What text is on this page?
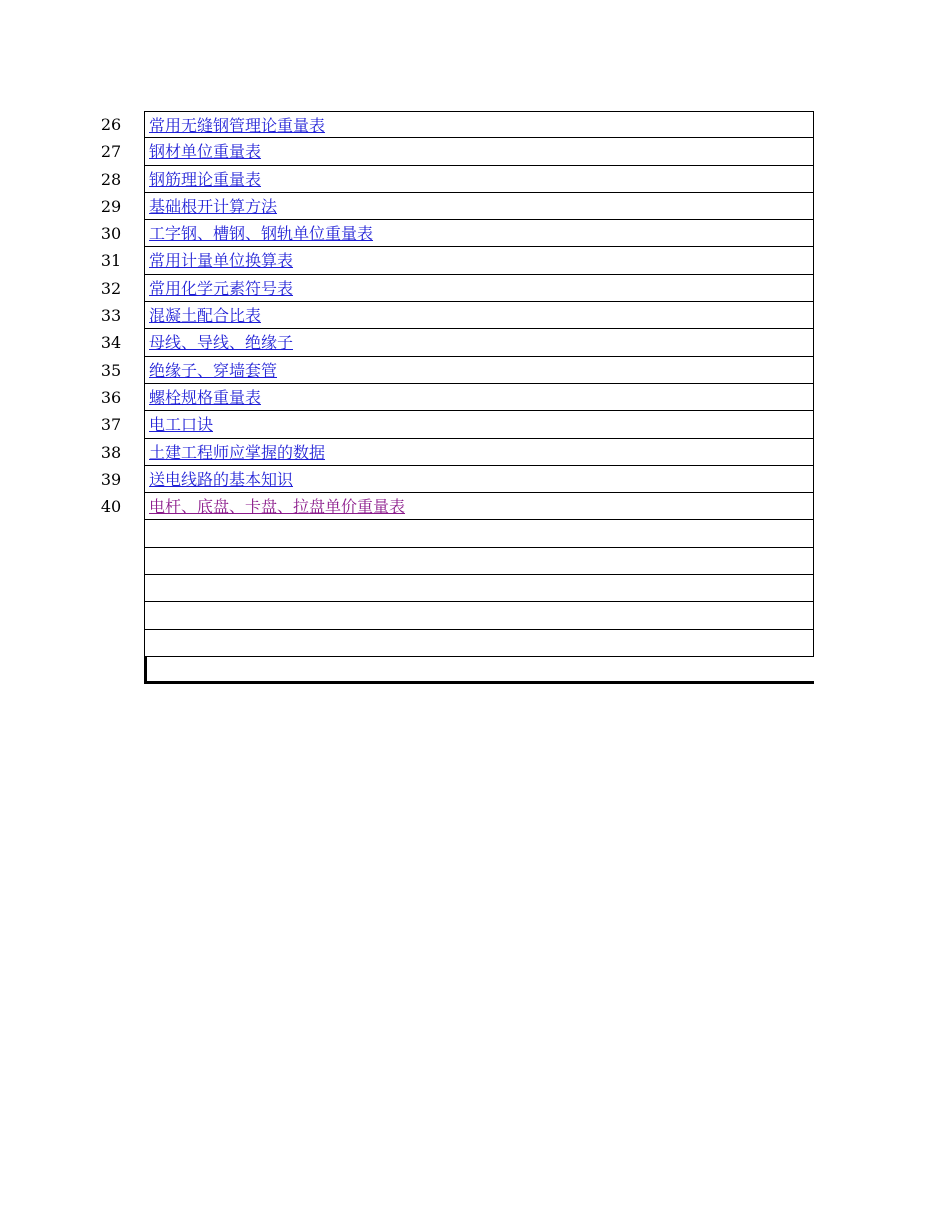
26	常用无缝钢管理论重量表
27	钢材单位重量表
28	钢筋理论重量表
29	基础根开计算方法
30	工字钢、槽钢、钢轨单位重量表
31	常用计量单位换算表
32	常用化学元素符号表
33	混凝土配合比表
34	母线、导线、绝缘子
35	绝缘子、穿墙套管
36	螺栓规格重量表
37	电工口诀
38	土建工程师应掌握的数据
39	送电线路的基本知识
40	电杆、底盘、卡盘、拉盘单价重量表
